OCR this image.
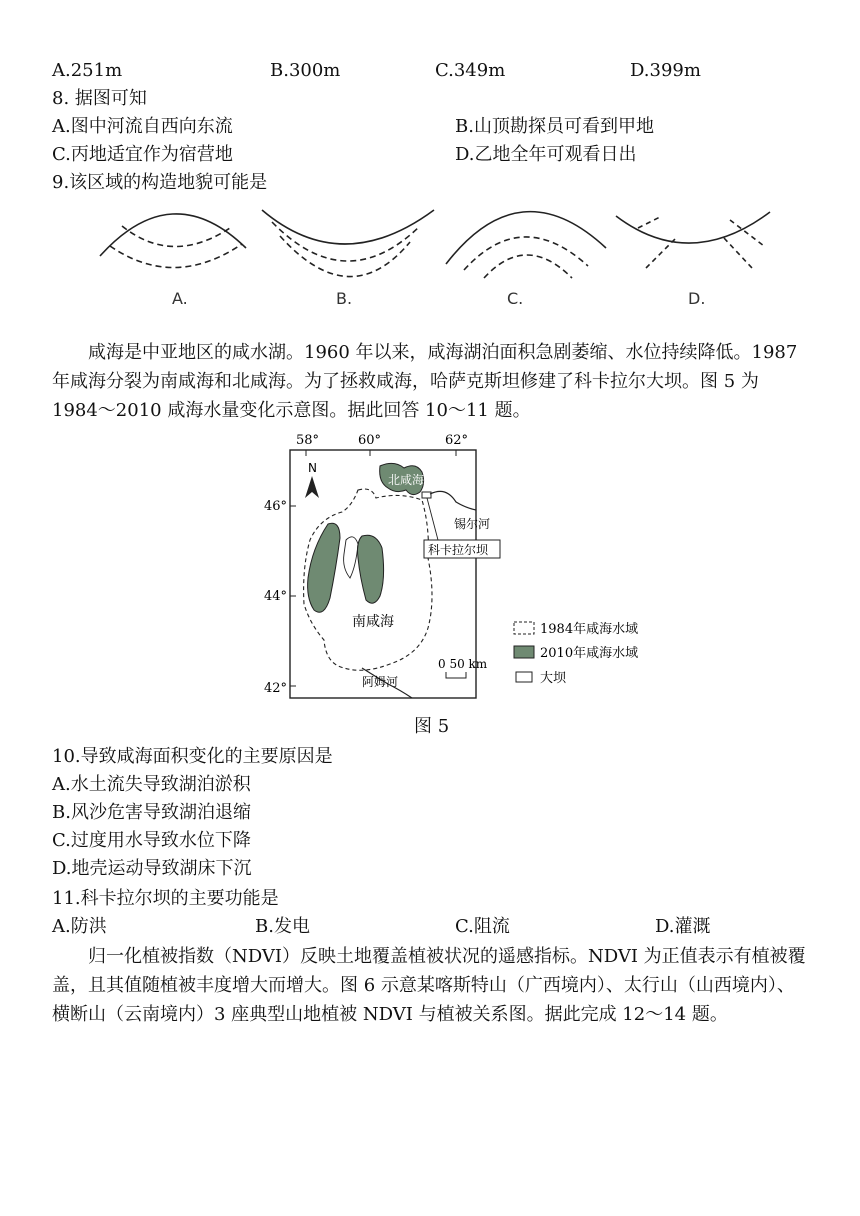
A.251m	B.300m	C.349m	D.399m
8. 据图可知
A.图中河流自西向东流	B.山顶勘探员可看到甲地
C.丙地适宜作为宿营地	D.乙地全年可观看日出
9.该区域的构造地貌可能是
A.	B.	C.	D.
咸海是中亚地区的咸水湖。1960 年以来，咸海湖泊面积急剧萎缩、水位持续降低。1987 年咸海分裂为南咸海和北咸海。为了拯救咸海，哈萨克斯坦修建了科卡拉尔大坝。图 5 为 1984～2010 咸海水量变化示意图。据此回答 10～11 题。
58°	60°	62°
46°
44°
42°
N
北咸海
科卡拉尔坝
锡尔河
南咸海
阿姆河
1984年咸海水域
2010年咸海水域
0 50 km
大坝
图 5
10.导致咸海面积变化的主要原因是
A.水土流失导致湖泊淤积
B.风沙危害导致湖泊退缩
C.过度用水导致水位下降
D.地壳运动导致湖床下沉
11.科卡拉尔坝的主要功能是
A.防洪	B.发电	C.阻流	D.灌溉
归一化植被指数（NDVI）反映土地覆盖植被状况的遥感指标。NDVI 为正值表示有植被覆盖，且其值随植被丰度增大而增大。图 6 示意某喀斯特山（广西境内）、太行山（山西境内）、横断山（云南境内）3 座典型山地植被 NDVI 与植被关系图。据此完成 12～14 题。
